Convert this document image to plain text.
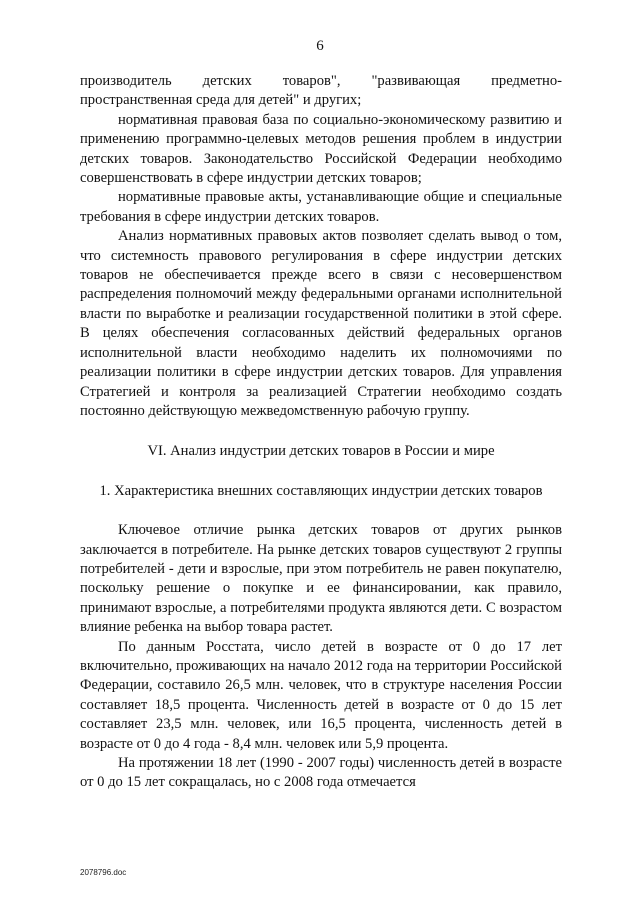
6

производитель детских товаров", "развивающая предметно-пространственная среда для детей" и других;

нормативная правовая база по социально-экономическому развитию и применению программно-целевых методов решения проблем в индустрии детских товаров. Законодательство Российской Федерации необходимо совершенствовать в сфере индустрии детских товаров;

нормативные правовые акты, устанавливающие общие и специальные требования в сфере индустрии детских товаров.

Анализ нормативных правовых актов позволяет сделать вывод о том, что системность правового регулирования в сфере индустрии детских товаров не обеспечивается прежде всего в связи с несовершенством распределения полномочий между федеральными органами исполнительной власти по выработке и реализации государственной политики в этой сфере. В целях обеспечения согласованных действий федеральных органов исполнительной власти необходимо наделить их полномочиями по реализации политики в сфере индустрии детских товаров. Для управления Стратегией и контроля за реализацией Стратегии необходимо создать постоянно действующую межведомственную рабочую группу.

VI. Анализ индустрии детских товаров в России и мире

1. Характеристика внешних составляющих индустрии детских товаров

Ключевое отличие рынка детских товаров от других рынков заключается в потребителе. На рынке детских товаров существуют 2 группы потребителей - дети и взрослые, при этом потребитель не равен покупателю, поскольку решение о покупке и ее финансировании, как правило, принимают взрослые, а потребителями продукта являются дети. С возрастом влияние ребенка на выбор товара растет.

По данным Росстата, число детей в возрасте от 0 до 17 лет включительно, проживающих на начало 2012 года на территории Российской Федерации, составило 26,5 млн. человек, что в структуре населения России составляет 18,5 процента. Численность детей в возрасте от 0 до 15 лет составляет 23,5 млн. человек, или 16,5 процента, численность детей в возрасте от 0 до 4 года - 8,4 млн. человек или 5,9 процента.

На протяжении 18 лет (1990 - 2007 годы) численность детей в возрасте от 0 до 15 лет сокращалась, но с 2008 года отмечается

2078796.doc
